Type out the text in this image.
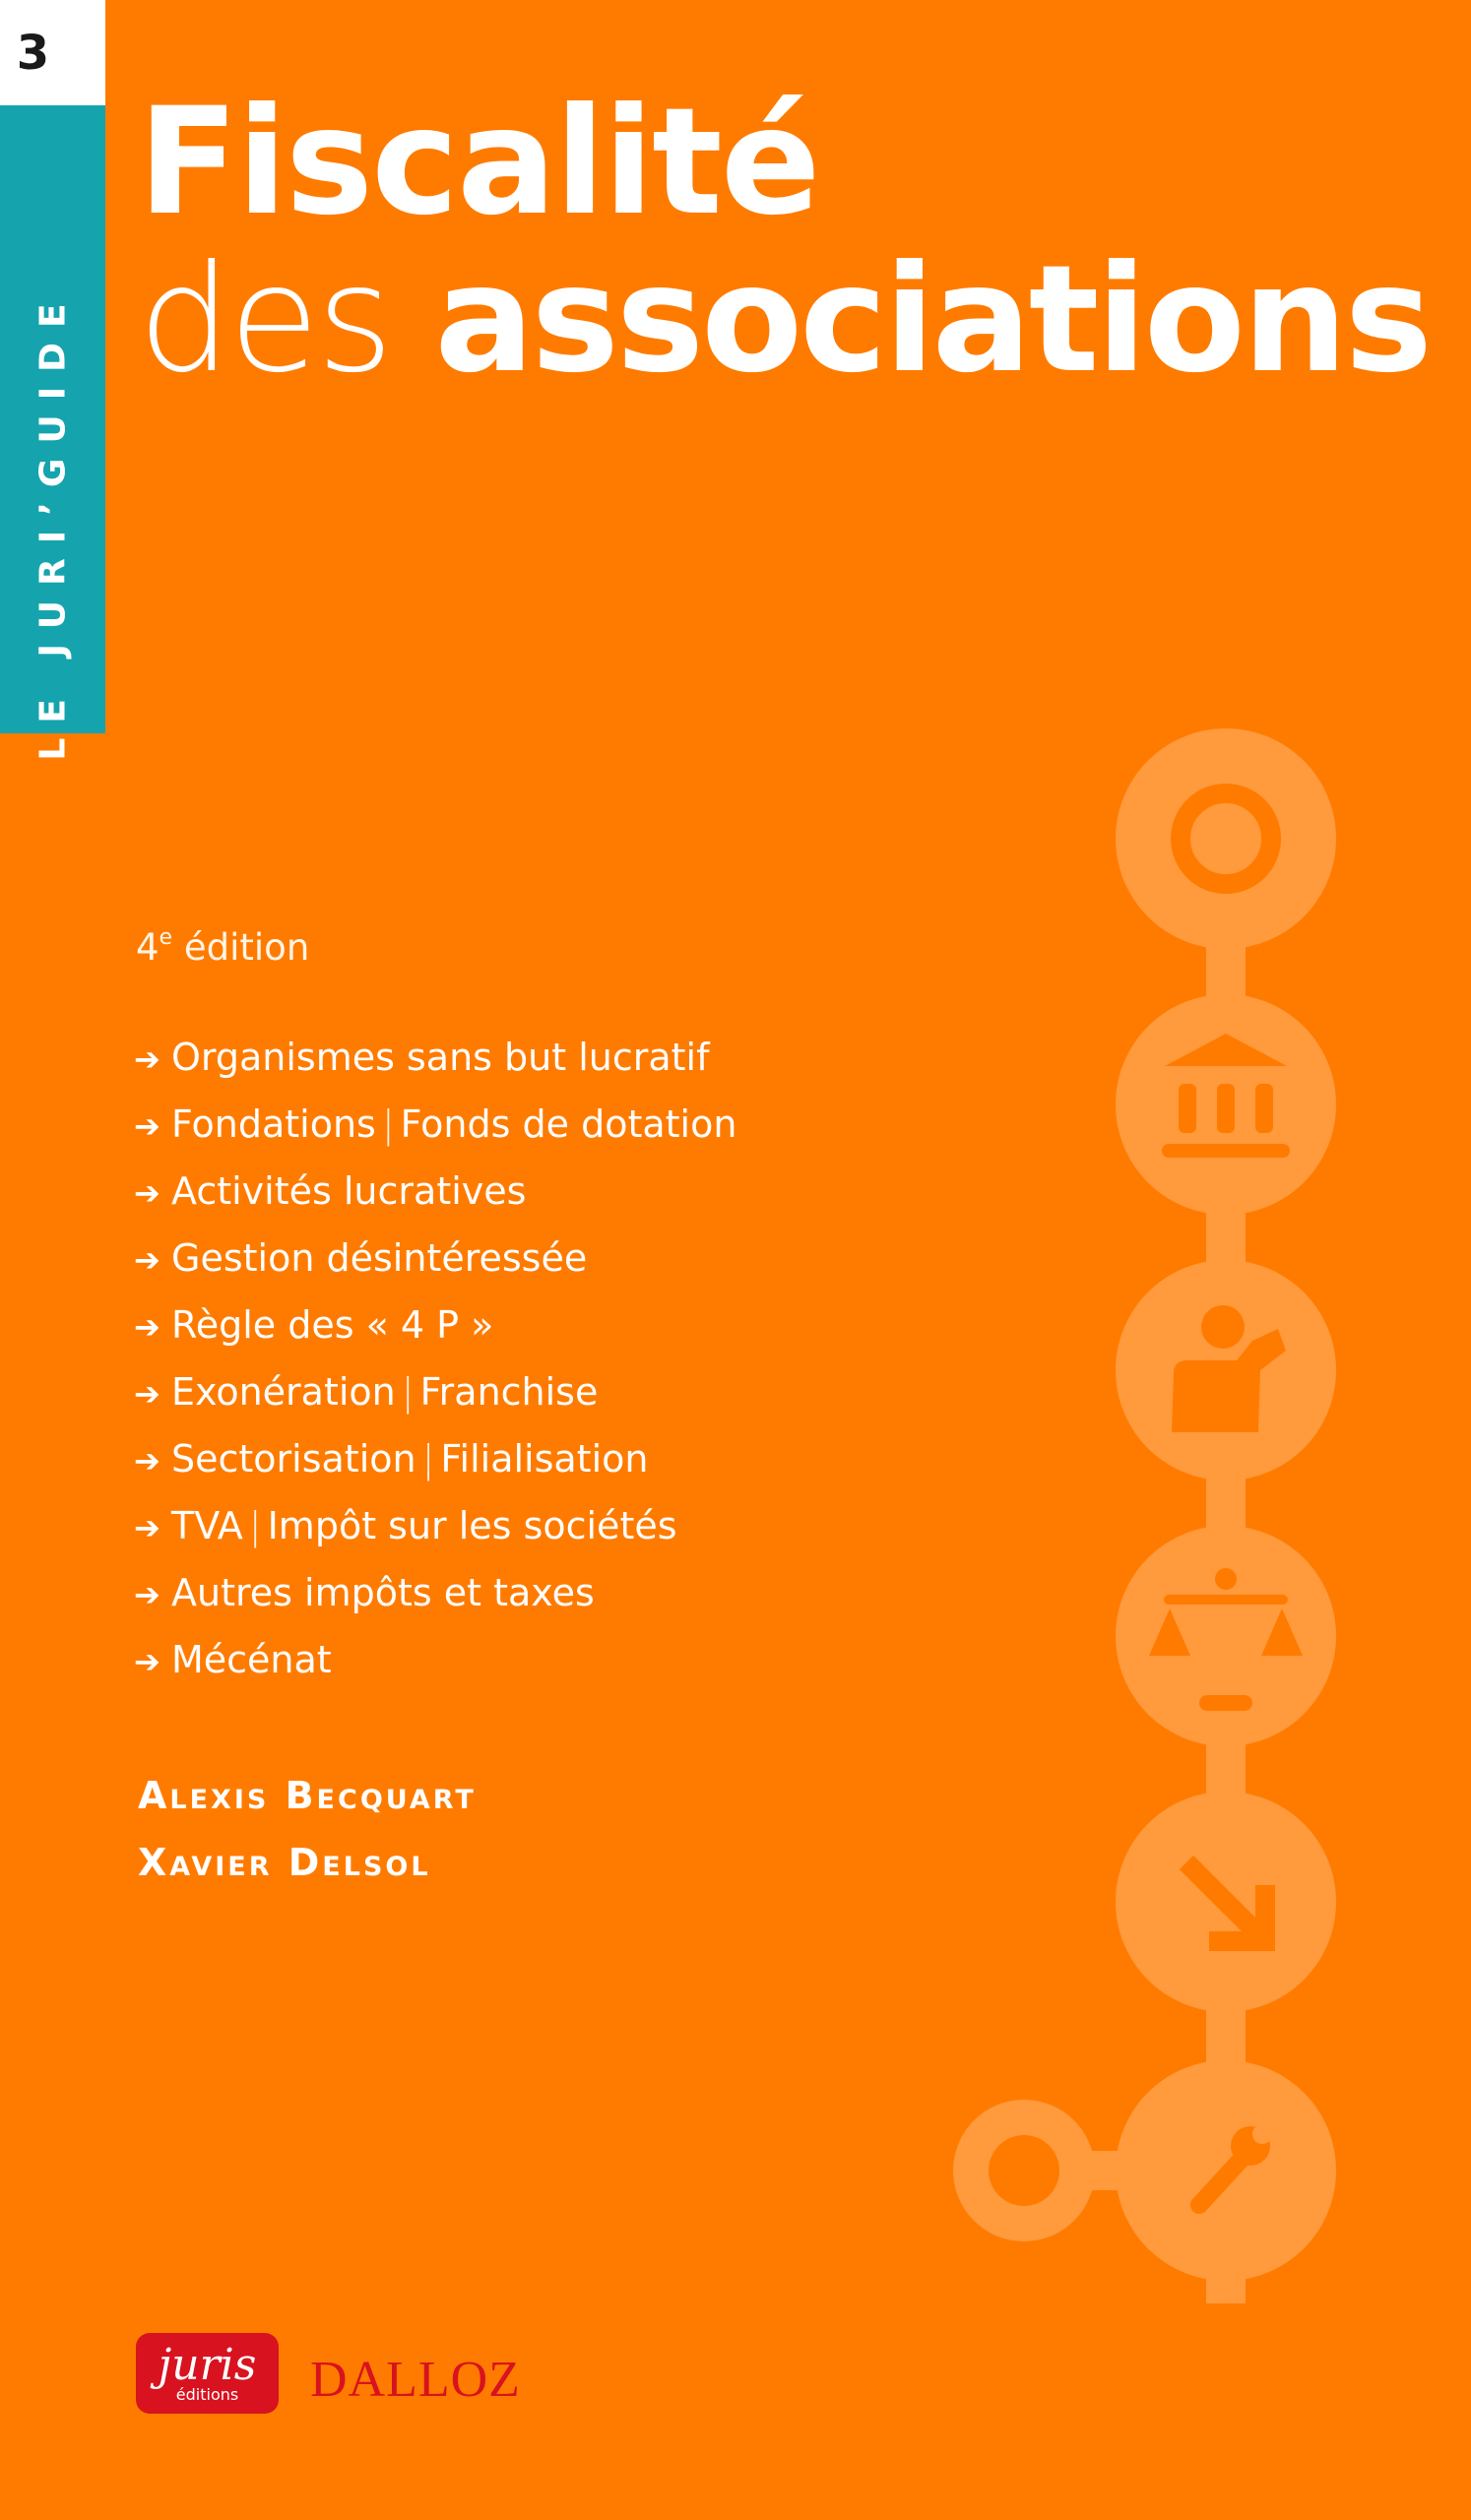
3
LE JURI’GUIDE
Fiscalité
des associations
4e édition
➔ Organismes sans but lucratif
➔ Fondations | Fonds de dotation
➔ Activités lucratives
➔ Gestion désintéressée
➔ Règle des « 4 P »
➔ Exonération | Franchise
➔ Sectorisation | Filialisation
➔ TVA | Impôt sur les sociétés
➔ Autres impôts et taxes
➔ Mécénat
Alexis Becquart
Xavier Delsol
juris
éditions DALLOZ
